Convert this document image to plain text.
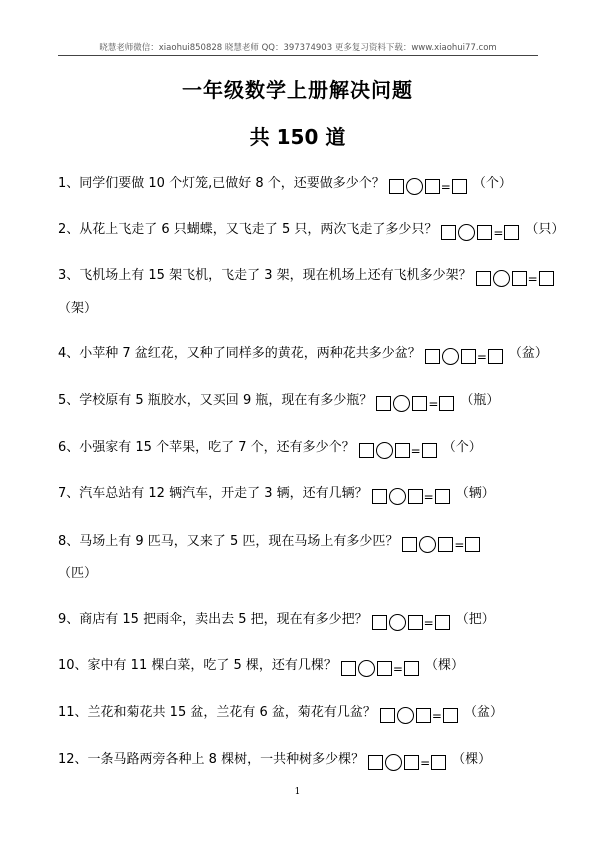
晓慧老师微信：xiaohui850828 晓慧老师 QQ：397374903 更多复习资料下载：www.xiaohui77.com
一年级数学上册解决问题
共 150 道
1、同学们要做 10 个灯笼,已做好 8 个，还要做多少个？	= （个）
2、从花上飞走了 6 只蝴蝶，又飞走了 5 只，两次飞走了多少只？	= （只）
3、飞机场上有 15 架飞机，飞走了 3 架，现在机场上还有飞机多少架？	=
（架）
4、小苹种 7 盆红花，又种了同样多的黄花，两种花共多少盆？	= （盆）
5、学校原有 5 瓶胶水，又买回 9 瓶，现在有多少瓶？	= （瓶）
6、小强家有 15 个苹果，吃了 7 个，还有多少个？	= （个）
7、汽车总站有 12 辆汽车，开走了 3 辆，还有几辆？	= （辆）
8、马场上有 9 匹马，又来了 5 匹，现在马场上有多少匹？	=
（匹）
9、商店有 15 把雨伞，卖出去 5 把，现在有多少把？	= （把）
10、家中有 11 棵白菜，吃了 5 棵，还有几棵？	= （棵）
11、兰花和菊花共 15 盆，兰花有 6 盆，菊花有几盆？	= （盆）
12、一条马路两旁各种上 8 棵树，一共种树多少棵？	= （棵）
1
